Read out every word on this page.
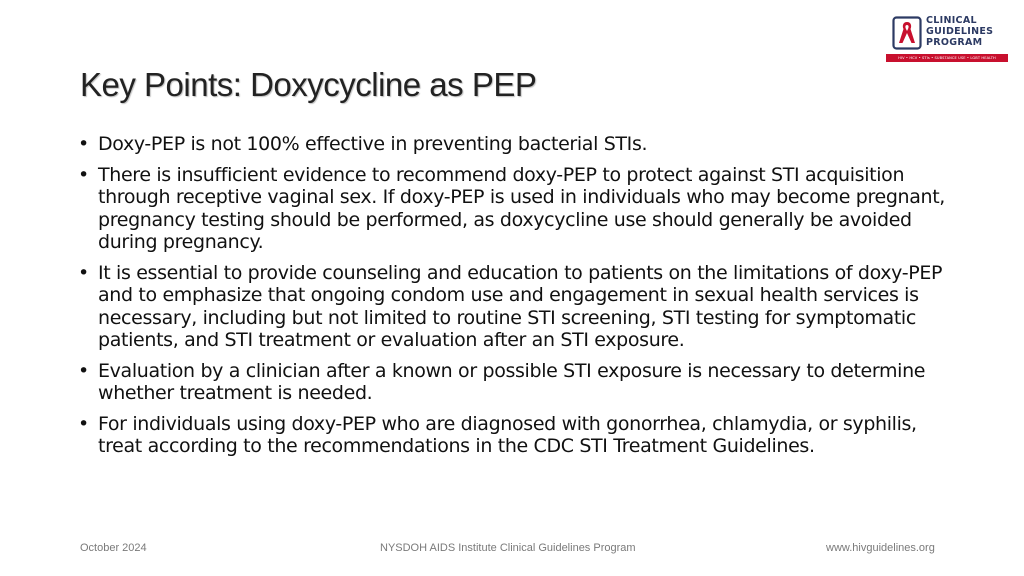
Key Points: Doxycycline as PEP
CLINICAL
GUIDELINES
PROGRAM
HIV • HCV • STIs • SUBSTANCE USE • LGBT HEALTH
• Doxy-PEP is not 100% effective in preventing bacterial STIs.
• There is insufficient evidence to recommend doxy-PEP to protect against STI acquisition through receptive vaginal sex. If doxy-PEP is used in individuals who may become pregnant, pregnancy testing should be performed, as doxycycline use should generally be avoided during pregnancy.
• It is essential to provide counseling and education to patients on the limitations of doxy-PEP and to emphasize that ongoing condom use and engagement in sexual health services is necessary, including but not limited to routine STI screening, STI testing for symptomatic patients, and STI treatment or evaluation after an STI exposure.
• Evaluation by a clinician after a known or possible STI exposure is necessary to determine whether treatment is needed.
• For individuals using doxy-PEP who are diagnosed with gonorrhea, chlamydia, or syphilis, treat according to the recommendations in the CDC STI Treatment Guidelines.
October 2024	NYSDOH AIDS Institute Clinical Guidelines Program	www.hivguidelines.org
